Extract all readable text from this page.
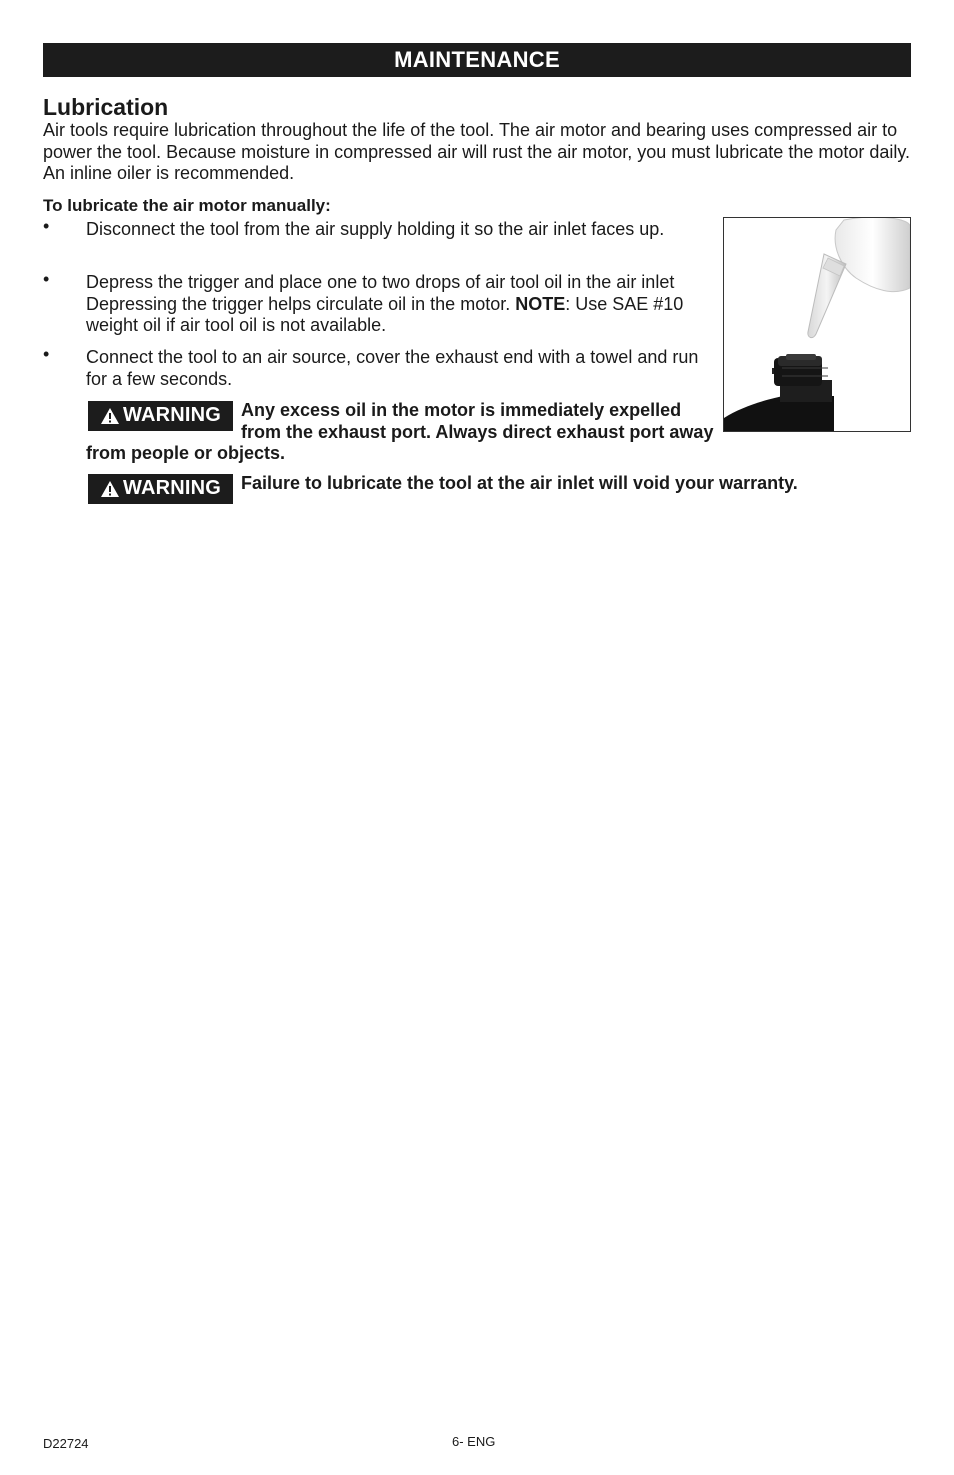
MAINTENANCE
Lubrication

Air tools require lubrication throughout the life of the tool. The air motor and bearing uses compressed air to power the tool. Because moisture in compressed air will rust the air motor, you must lubricate the motor daily. An inline oiler is recommended.

To lubricate the air motor manually:
• Disconnect the tool from the air supply holding it so the air inlet faces up.
• Depress the trigger and place one to two drops of air tool oil in the air inlet Depressing the trigger helps circulate oil in the motor. NOTE: Use SAE #10 weight oil if air tool oil is not available.
• Connect the tool to an air source, cover the exhaust end with a towel and run for a few seconds.
WARNING Any excess oil in the motor is immediately expelled from the exhaust port. Always direct exhaust port away from people or objects.
WARNING Failure to lubricate the tool at the air inlet will void your warranty.
D22724	6- ENG
